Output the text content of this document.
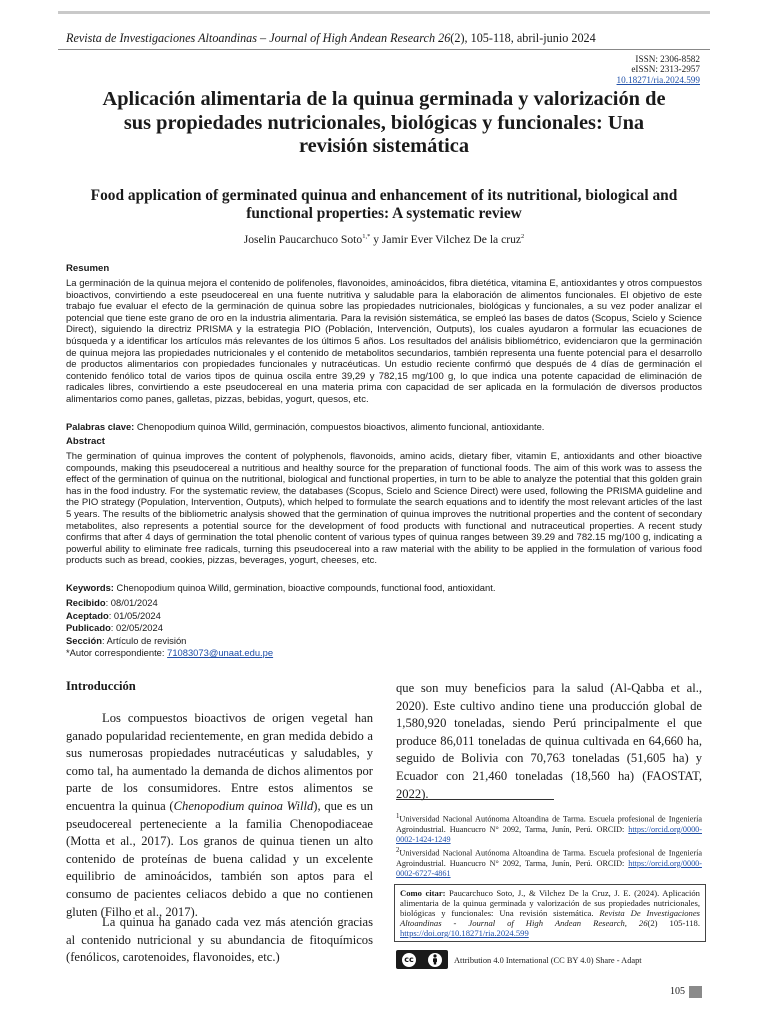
Revista de Investigaciones Altoandinas – Journal of High Andean Research 26(2), 105-118, abril-junio 2024
ISSN: 2306-8582
eISSN: 2313-2957
10.18271/ria.2024.599
Aplicación alimentaria de la quinua germinada y valorización de sus propiedades nutricionales, biológicas y funcionales: Una revisión sistemática
Food application of germinated quinua and enhancement of its nutritional, biological and functional properties: A systematic review
Joselin Paucarchuco Soto$^{1,*}$ y Jamir Ever Vilchez De la cruz$^2$
Resumen
La germinación de la quinua mejora el contenido de polifenoles, flavonoides, aminoácidos, fibra dietética, vitamina E, antioxidantes y otros compuestos bioactivos, convirtiendo a este pseudocereal en una fuente nutritiva y saludable para la elaboración de alimentos funcionales. El objetivo de este trabajo fue evaluar el efecto de la germinación de quinua sobre las propiedades nutricionales, biológicas y funcionales, a su vez poder analizar el potencial que tiene este grano de oro en la industria alimentaria. Para la revisión sistemática, se empleó las bases de datos (Scopus, Scielo y Science Direct), siguiendo la directriz PRISMA y la estrategia PIO (Población, Intervención, Outputs), los cuales ayudaron a formular las ecuaciones de búsqueda y a identificar los artículos más relevantes de los últimos 5 años. Los resultados del análisis bibliométrico, evidenciaron que la germinación de quinua mejora las propiedades nutricionales y el contenido de metabolitos secundarios, también representa una fuente potencial para el desarrollo de productos alimentarios con propiedades funcionales y nutracéuticas. Un estudio reciente confirmó que después de 4 días de germinación el contenido fenólico total de varios tipos de quinua oscila entre 39,29 y 782,15 mg/100 g, lo que indica una potente capacidad de eliminación de radicales libres, convirtiendo a este pseudocereal en una materia prima con capacidad de ser aplicada en la formulación de diversos productos alimentarios como panes, galletas, pizzas, bebidas, yogurt, quesos, etc.
Palabras clave: Chenopodium quinoa Willd, germinación, compuestos bioactivos, alimento funcional, antioxidante.
Abstract
The germination of quinua improves the content of polyphenols, flavonoids, amino acids, dietary fiber, vitamin E, antioxidants and other bioactive compounds, making this pseudocereal a nutritious and healthy source for the preparation of functional foods. The aim of this work was to assess the effect of the germination of quinua on the nutritional, biological and functional properties, in turn to be able to analyze the potential that this golden grain has in the food industry. For the systematic review, the databases (Scopus, Scielo and Science Direct) were used, following the PRISMA guideline and the PIO strategy (Population, Intervention, Outputs), which helped to formulate the search equations and to identify the most relevant articles of the last 5 years. The results of the bibliometric analysis showed that the germination of quinua improves the nutritional properties and the content of secondary metabolites, also represents a potential source for the development of food products with functional and nutraceutical properties. A recent study confirms that after 4 days of germination the total phenolic content of various types of quinua ranges between 39.29 and 782.15 mg/100 g, indicating a powerful ability to eliminate free radicals, turning this pseudocereal into a raw material with the ability to be applied in the formulation of various food products such as bread, cookies, pizzas, beverages, yogurt, cheeses, etc.
Keywords: Chenopodium quinoa Willd, germination, bioactive compounds, functional food, antioxidant.
Recibido: 08/01/2024
Aceptado: 01/05/2024
Publicado: 02/05/2024
Sección: Artículo de revisión
*Autor correspondiente: 71083073@unaat.edu.pe
Introducción
Los compuestos bioactivos de origen vegetal han ganado popularidad recientemente, en gran medida debido a sus numerosas propiedades nutracéuticas y saludables, y como tal, ha aumentado la demanda de dichos alimentos por parte de los consumidores. Entre estos alimentos se encuentra la quinua (Chenopodium quinoa Willd), que es un pseudocereal perteneciente a la familia Chenopodiaceae (Motta et al., 2017). Los granos de quinua tienen un alto contenido de proteínas de buena calidad y un excelente equilibrio de aminoácidos, también son aptos para el consumo de pacientes celiacos debido a que no contienen gluten (Filho et al., 2017).
La quinua ha ganado cada vez más atención gracias al contenido nutricional y su abundancia de fitoquímicos (fenólicos, carotenoides, flavonoides, etc.)
que son muy beneficios para la salud (Al-Qabba et al., 2020). Este cultivo andino tiene una producción global de 1,580,920 toneladas, siendo Perú principalmente el que produce 86,011 toneladas de quinua cultivada en 64,660 ha, seguido de Bolivia con 70,763 toneladas (51,605 ha) y Ecuador con 21,460 toneladas (18,560 ha) (FAOSTAT, 2022).
$^1$Universidad Nacional Autónoma Altoandina de Tarma. Escuela profesional de Ingeniería Agroindustrial. Huancucro N° 2092, Tarma, Junín, Perú. ORCID: https://orcid.org/0000-0002-1424-1249
$^2$Universidad Nacional Autónoma Altoandina de Tarma. Escuela profesional de Ingeniería Agroindustrial. Huancucro N° 2092, Tarma, Junín, Perú. ORCID: https://orcid.org/0000-0002-6727-4861
Como citar: Paucarchuco Soto, J., & Vilchez De la Cruz, J. E. (2024). Aplicación alimentaria de la quinua germinada y valorización de sus propiedades nutricionales, biológicas y funcionales: Una revisión sistemática. Revista De Investigaciones Altoandinas - Journal of High Andean Research, 26(2) 105-118. https://doi.org/10.18271/ria.2024.599
cc	Attribution 4.0 International (CC BY 4.0) Share - Adapt
105
